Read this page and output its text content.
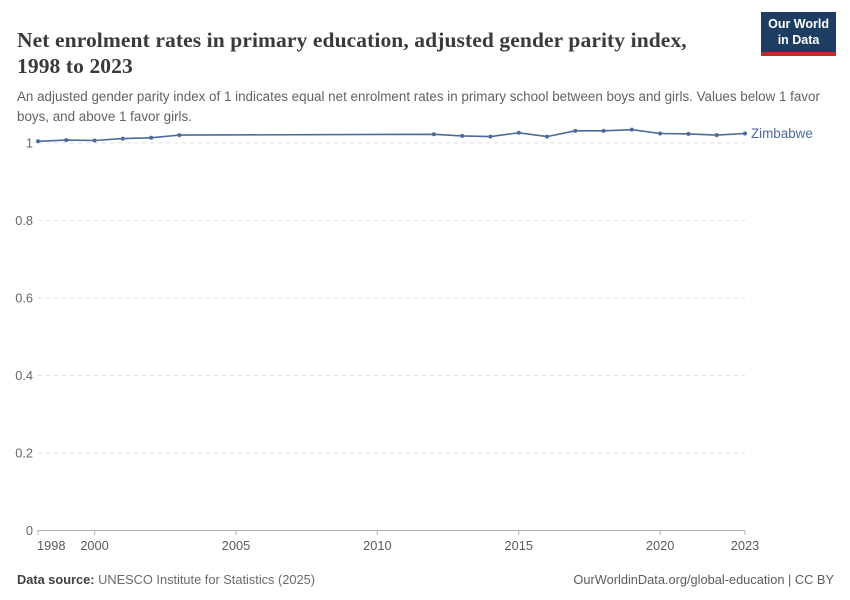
0
0.2
0.4
0.6
0.8
1
1998 2000	2005	2010	2015	2020	2023
Zimbabwe
Net enrolment rates in primary education, adjusted gender parity index, 1998 to 2023

An adjusted gender parity index of 1 indicates equal net enrolment rates in primary school between boys and girls. Values below 1 favor boys, and above 1 favor girls.

Our World
in Data
Data source: UNESCO Institute for Statistics (2025)	OurWorldinData.org/global-education | CC BY
